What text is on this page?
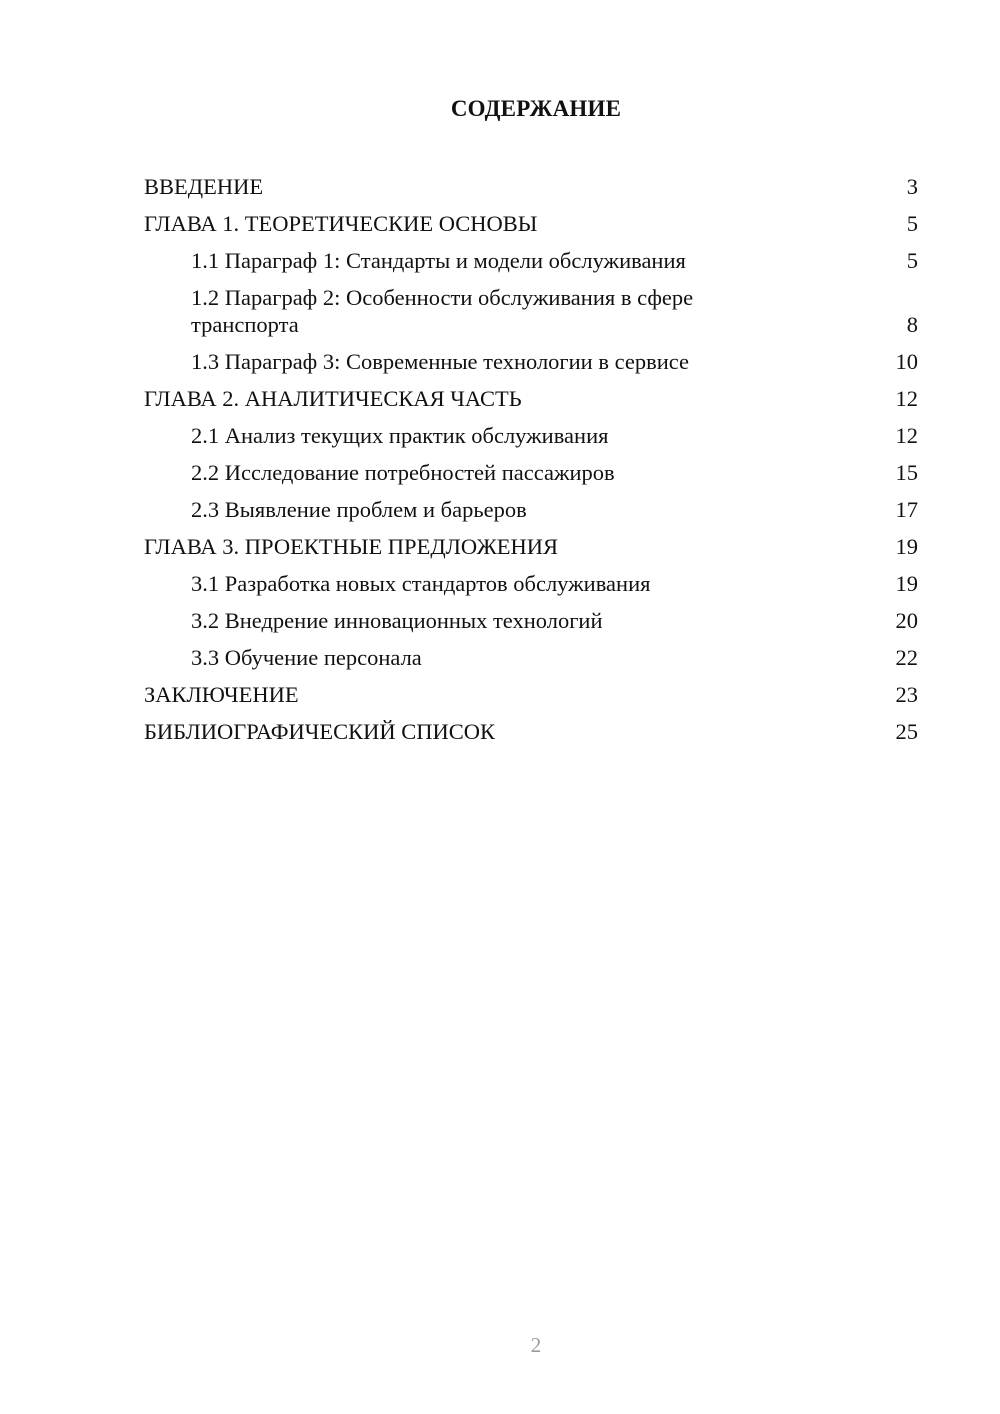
СОДЕРЖАНИЕ
ВВЕДЕНИЕ	3
ГЛАВА 1. ТЕОРЕТИЧЕСКИЕ ОСНОВЫ	5
1.1 Параграф 1: Стандарты и модели обслуживания	5
1.2 Параграф 2: Особенности обслуживания в сфере транспорта	8
1.3 Параграф 3: Современные технологии в сервисе	10
ГЛАВА 2. АНАЛИТИЧЕСКАЯ ЧАСТЬ	12
2.1 Анализ текущих практик обслуживания	12
2.2 Исследование потребностей пассажиров	15
2.3 Выявление проблем и барьеров	17
ГЛАВА 3. ПРОЕКТНЫЕ ПРЕДЛОЖЕНИЯ	19
3.1 Разработка новых стандартов обслуживания	19
3.2 Внедрение инновационных технологий	20
3.3 Обучение персонала	22
ЗАКЛЮЧЕНИЕ	23
БИБЛИОГРАФИЧЕСКИЙ СПИСОК	25
2
